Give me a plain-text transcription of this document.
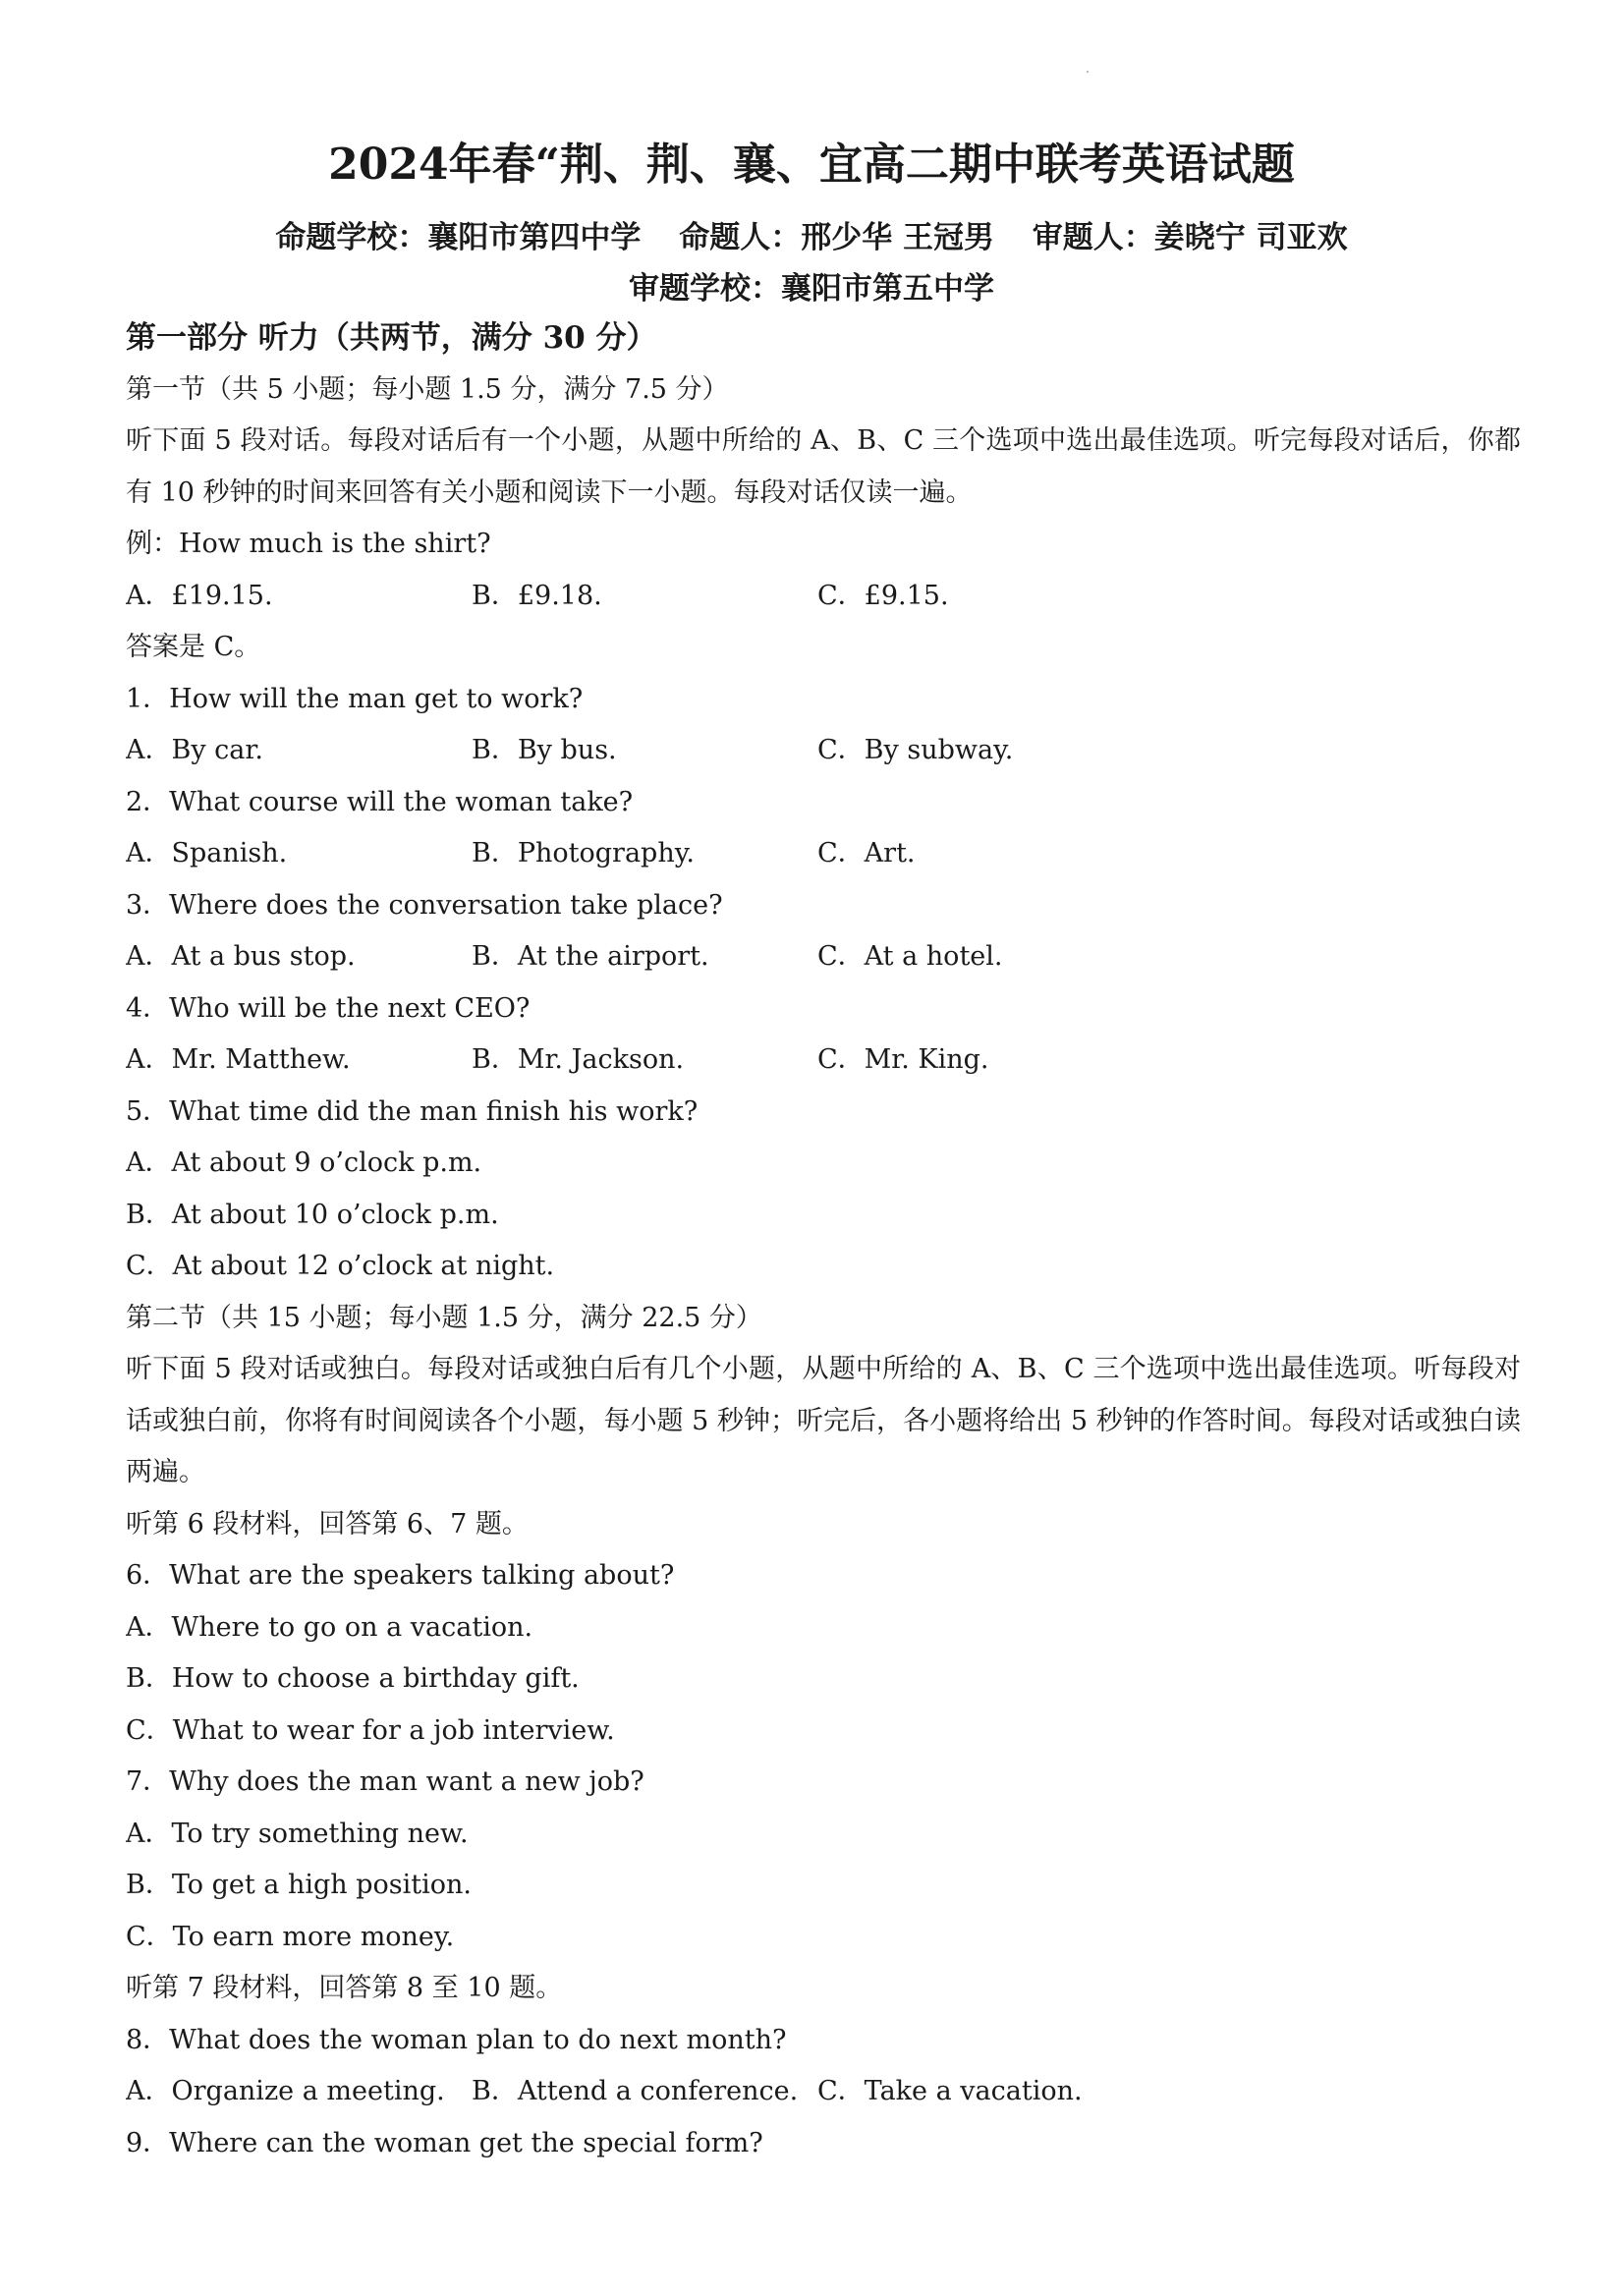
2024年春“荆、荆、襄、宜高二期中联考英语试题
命题学校：襄阳市第四中学 命题人：邢少华 王冠男 审题人：姜晓宁 司亚欢
审题学校：襄阳市第五中学
第一部分 听力（共两节，满分 30 分）
第一节（共 5 小题；每小题 1.5 分，满分 7.5 分）
听下面 5 段对话。每段对话后有一个小题，从题中所给的 A、B、C 三个选项中选出最佳选项。听完每段对话后，你都有 10 秒钟的时间来回答有关小题和阅读下一小题。每段对话仅读一遍。
例：How much is the shirt?
A．£19.15.	B．£9.18.	C．£9.15.
答案是 C。
1．How will the man get to work?
A．By car.	B．By bus.	C．By subway.
2．What course will the woman take?
A．Spanish.	B．Photography.	C．Art.
3．Where does the conversation take place?
A．At a bus stop.	B．At the airport.	C．At a hotel.
4．Who will be the next CEO?
A．Mr. Matthew.	B．Mr. Jackson.	C．Mr. King.
5．What time did the man finish his work?
A．At about 9 o’clock p.m.
B．At about 10 o’clock p.m.
C．At about 12 o’clock at night.
第二节（共 15 小题；每小题 1.5 分，满分 22.5 分）
听下面 5 段对话或独白。每段对话或独白后有几个小题，从题中所给的 A、B、C 三个选项中选出最佳选项。听每段对话或独白前，你将有时间阅读各个小题，每小题 5 秒钟；听完后，各小题将给出 5 秒钟的作答时间。每段对话或独白读两遍。
听第 6 段材料，回答第 6、7 题。
6．What are the speakers talking about?
A．Where to go on a vacation.
B．How to choose a birthday gift.
C．What to wear for a job interview.
7．Why does the man want a new job?
A．To try something new.
B．To get a high position.
C．To earn more money.
听第 7 段材料，回答第 8 至 10 题。
8．What does the woman plan to do next month?
A．Organize a meeting.	B．Attend a conference. C．Take a vacation.
9．Where can the woman get the special form?
